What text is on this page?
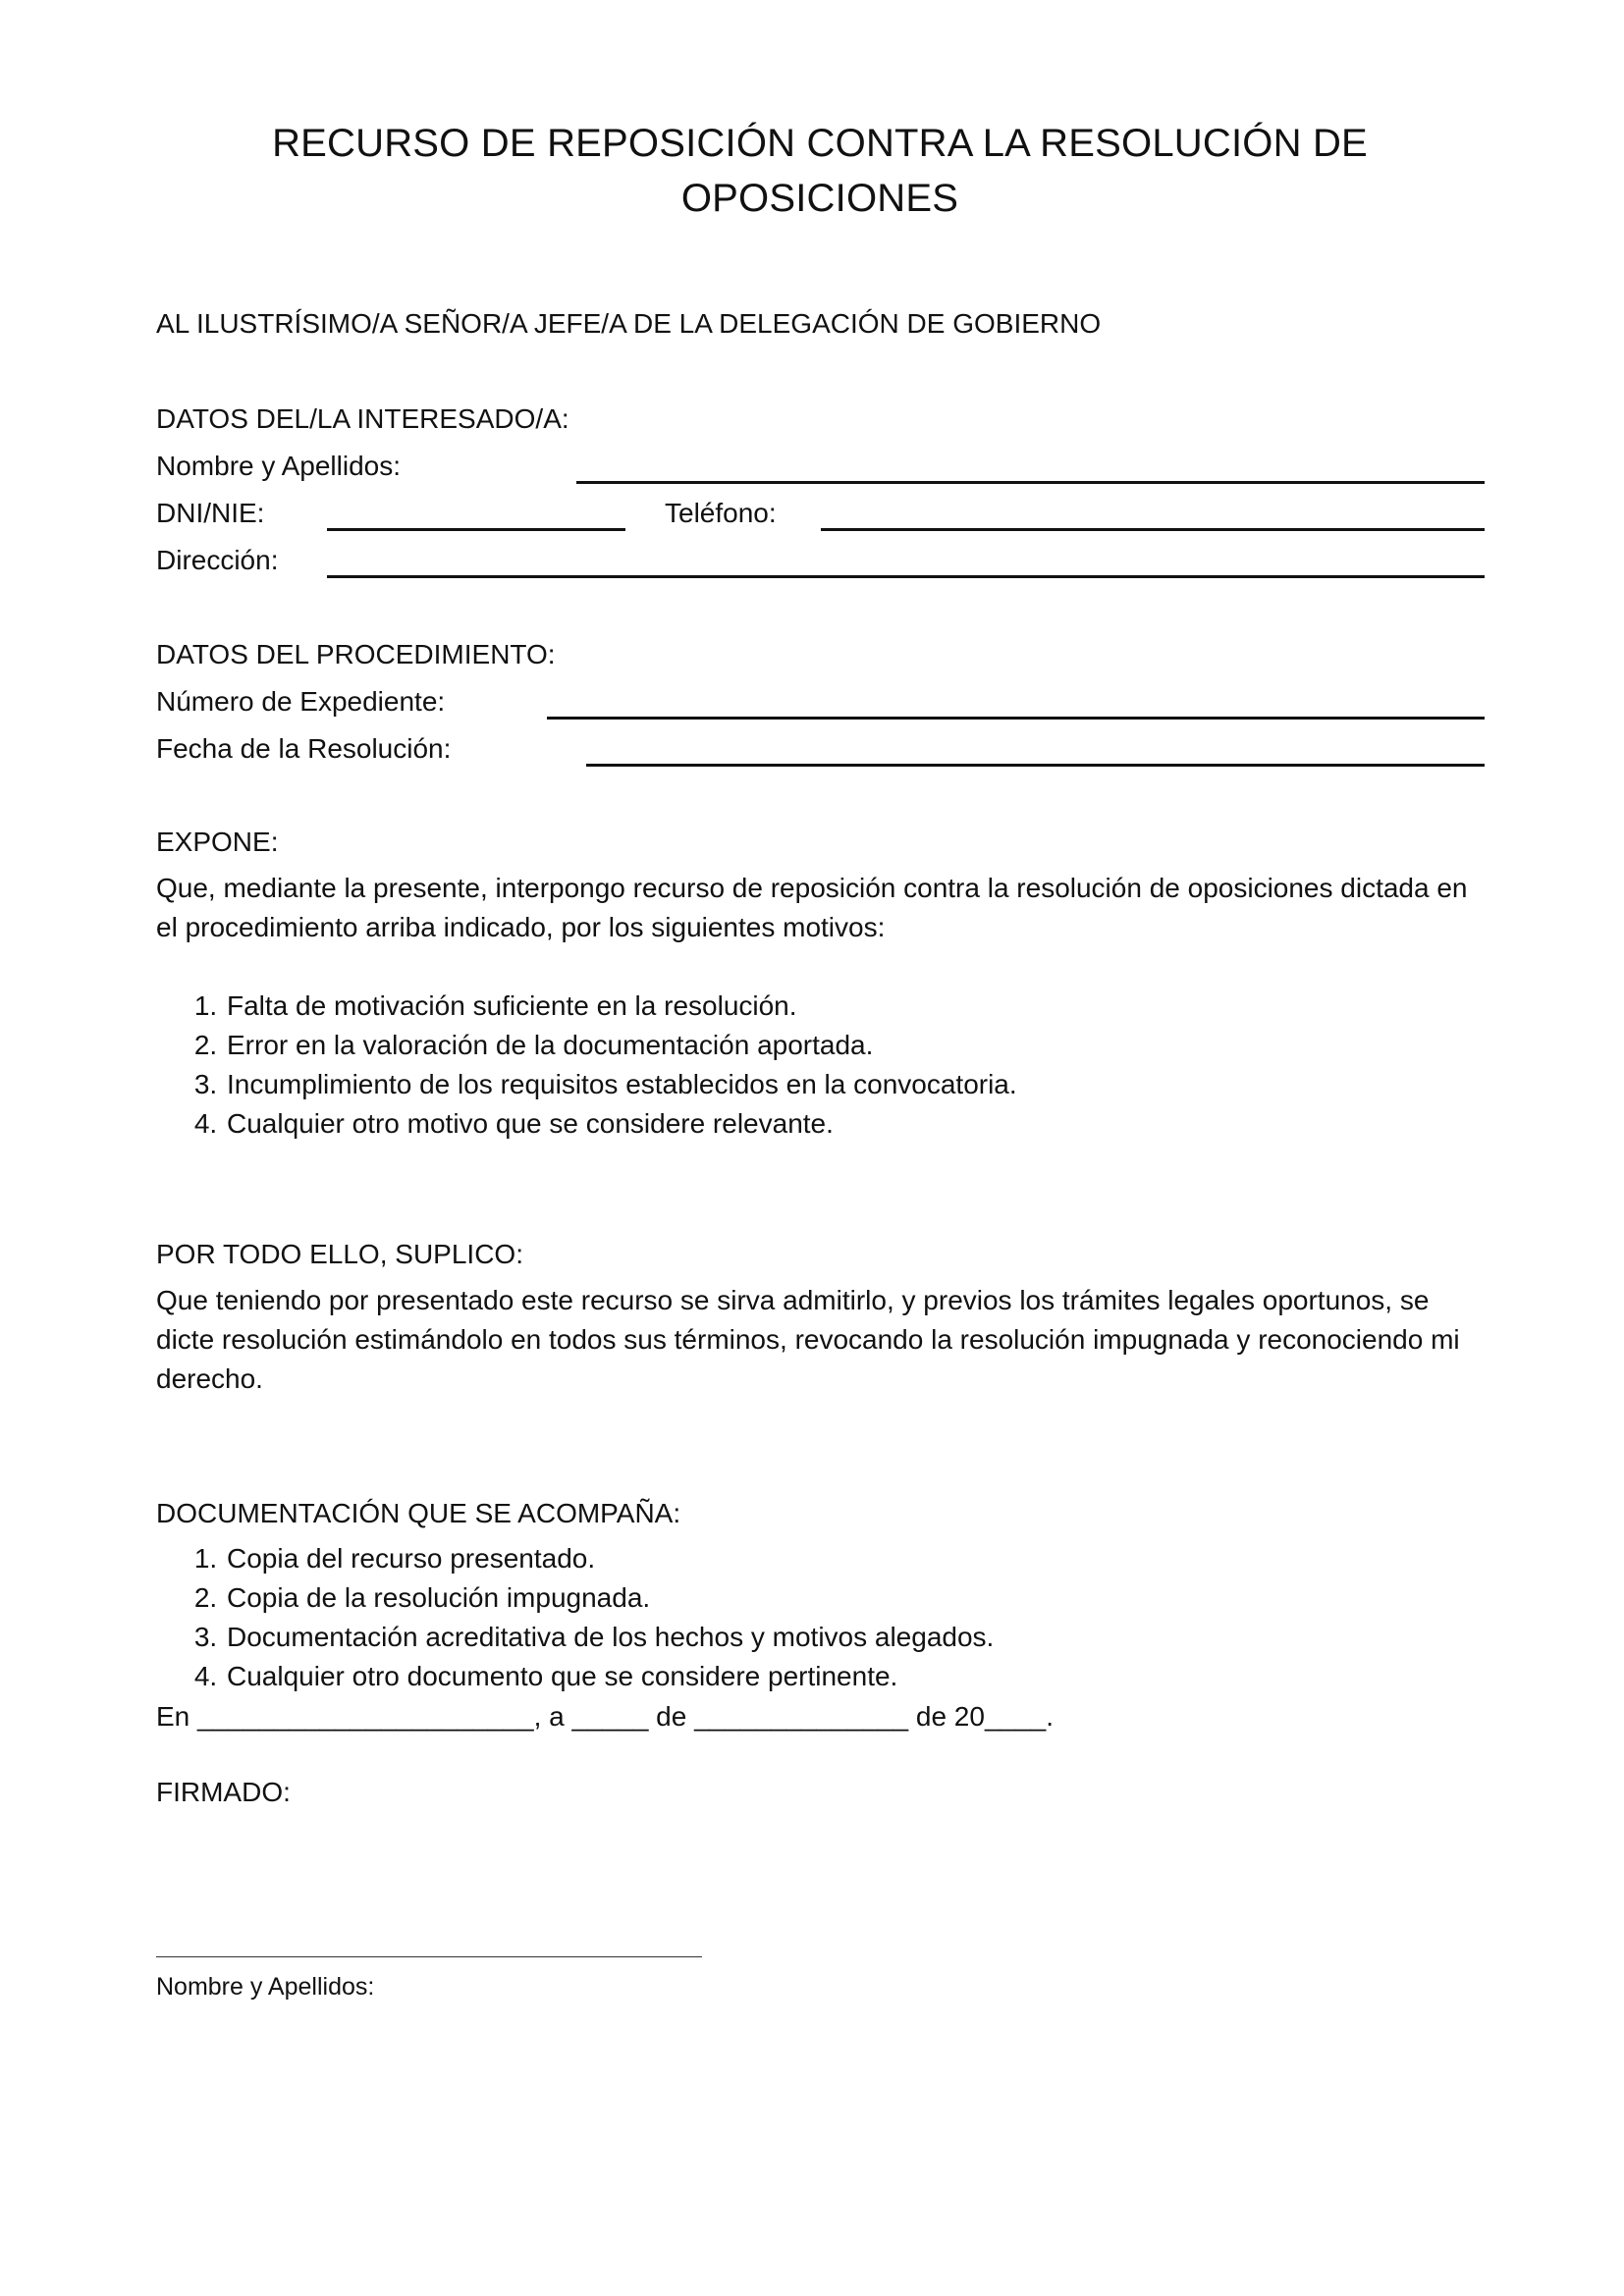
RECURSO DE REPOSICIÓN CONTRA LA RESOLUCIÓN DE OPOSICIONES
AL ILUSTRÍSIMO/A SEÑOR/A JEFE/A DE LA DELEGACIÓN DE GOBIERNO
DATOS DEL/LA INTERESADO/A:
Nombre y Apellidos:
DNI/NIE:	Teléfono:
Dirección:
DATOS DEL PROCEDIMIENTO:
Número de Expediente:
Fecha de la Resolución:
EXPONE:
Que, mediante la presente, interpongo recurso de reposición contra la resolución de oposiciones dictada en el procedimiento arriba indicado, por los siguientes motivos:
1. Falta de motivación suficiente en la resolución.
2. Error en la valoración de la documentación aportada.
3. Incumplimiento de los requisitos establecidos en la convocatoria.
4. Cualquier otro motivo que se considere relevante.
POR TODO ELLO, SUPLICO:
Que teniendo por presentado este recurso se sirva admitirlo, y previos los trámites legales oportunos, se dicte resolución estimándolo en todos sus términos, revocando la resolución impugnada y reconociendo mi derecho.
DOCUMENTACIÓN QUE SE ACOMPAÑA:
1. Copia del recurso presentado.
2. Copia de la resolución impugnada.
3. Documentación acreditativa de los hechos y motivos alegados.
4. Cualquier otro documento que se considere pertinente.
En ______________________, a _____ de ______________ de 20____.
FIRMADO:
Nombre y Apellidos:
